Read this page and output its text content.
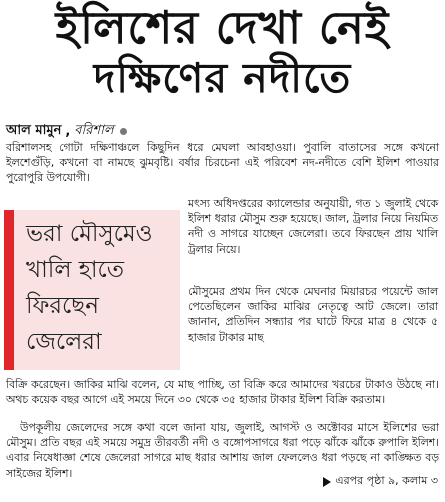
ইলিশের দেখা নেই
দক্ষিণের নদীতে
আল মামুন , বরিশাল

বরিশালসহ গোটা দক্ষিণাঞ্চলে কিছুদিন ধরে মেঘলা আবহাওয়া। পুবালি বাতাসের সঙ্গে কখনো ইলশেগুঁড়ি, কখনো বা নামছে ঝুমবৃষ্টি। বর্ষার চিরচেনা এই পরিবেশ নদ-নদীতে বেশি ইলিশ পাওয়ার পুরোপুরি উপযোগী।

ভরা মৌসুমেও
খালি হাতে
ফিরছেন
জেলেরা

মৎস্য অধিদপ্তরের ক্যালেন্ডার অনুযায়ী, গত ১ জুলাই থেকে ইলিশ ধরার মৌসুম শুরু হয়েছে। জাল, ট্রলার নিয়ে নিয়মিত নদী ও সাগরে যাচ্ছেন জেলেরা। তবে ফিরছেন প্রায় খালি ট্রলার নিয়ে।

মৌসুমের প্রথম দিন থেকে মেঘনার মিয়ারচর পয়েন্টে জাল পেতেছিলেন জাকির মাঝির নেতৃত্বে আট জেলে। তারা জানান, প্রতিদিন সন্ধ্যার পর ঘাটে ফিরে মাত্র ৪ থেকে ৫ হাজার টাকার মাছ

বিক্রি করেছেন। জাকির মাঝি বলেন, যে মাছ পাচ্ছি, তা বিক্রি করে আমাদের খরচের টাকাও উঠছে না। অথচ কয়েক বছর আগে এই সময়ে দিনে ৩০ থেকে ৩৫ হাজার টাকার ইলিশ বিক্রি করতাম।

উপকূলীয় জেলেদের সঙ্গে কথা বলে জানা যায়, জুলাই, আগস্ট ও অক্টোবর মাসে ইলিশের ভরা মৌসুম। প্রতি বছর এই সময়ে সমুদ্র তীরবর্তী নদী ও বঙ্গোপসাগরে ধরা পড়ে ঝাঁকে ঝাঁকে রুপালি ইলিশ। এবার নিষেধাজ্ঞা শেষে জেলেরা সাগরে মাছ ধরার আশায় জাল ফেললেও ধরা পড়ছে না কাঙ্ক্ষিত বড় সাইজের ইলিশ।

এরপর পৃষ্ঠা ৯, কলাম ৩
